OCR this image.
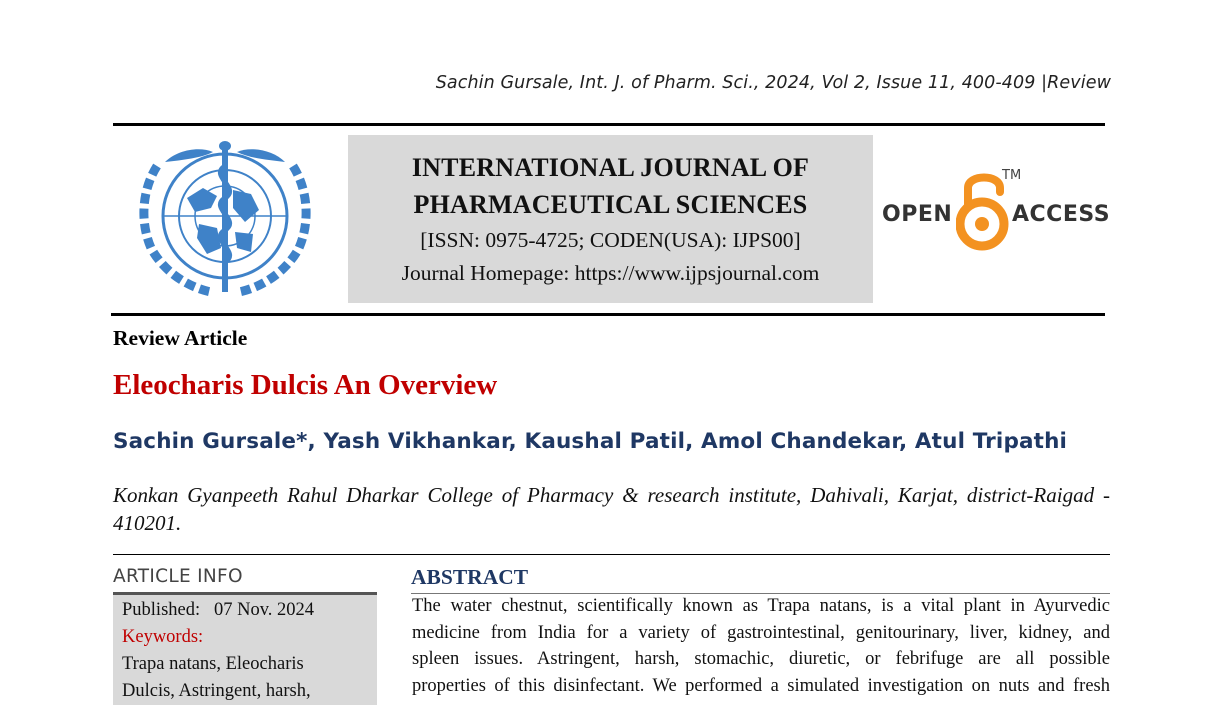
Sachin Gursale, Int. J. of Pharm. Sci., 2024, Vol 2, Issue 11, 400-409 |Review
INTERNATIONAL JOURNAL OF
PHARMACEUTICAL SCIENCES
[ISSN: 0975-4725; CODEN(USA): IJPS00]
Journal Homepage: https://www.ijpsjournal.com
OPEN
TM
ACCESS
Review Article
Eleocharis Dulcis An Overview
Sachin Gursale*, Yash Vikhankar, Kaushal Patil, Amol Chandekar, Atul Tripathi
Konkan Gyanpeeth Rahul Dharkar College of Pharmacy & research institute, Dahivali, Karjat, district-Raigad - 410201.
ARTICLE INFO
Published: 07 Nov. 2024
Keywords:
Trapa natans, Eleocharis
Dulcis, Astringent, harsh,
ABSTRACT
The water chestnut, scientifically known as Trapa natans, is a vital plant in Ayurvedic
medicine from India for a variety of gastrointestinal, genitourinary, liver, kidney, and
spleen issues. Astringent, harsh, stomachic, diuretic, or febrifuge are all possible
properties of this disinfectant. We performed a simulated investigation on nuts and fresh
